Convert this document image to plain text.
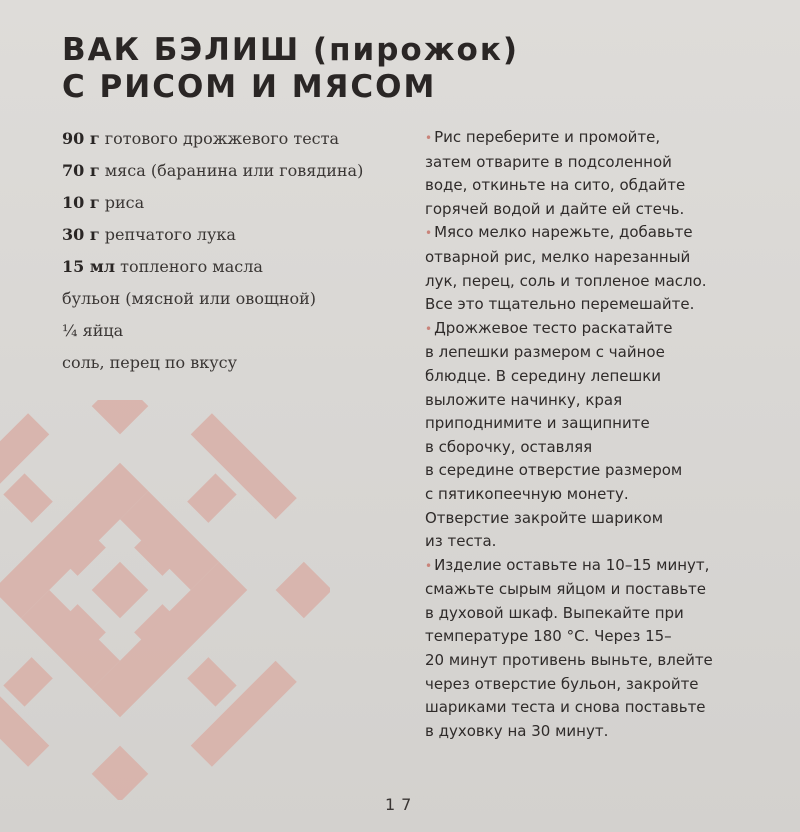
ВАК БЭЛИШ (пирожок)
С РИСОМ И МЯСОМ
90 г готового дрожжевого теста
70 г мяса (баранина или говядина)
10 г риса
30 г репчатого лука
15 мл топленого масла
бульон (мясной или овощной)
¼ яйца
соль, перец по вкусу
• Рис переберите и промойте,
затем отварите в подсоленной
воде, откиньте на сито, обдайте
горячей водой и дайте ей стечь.
• Мясо мелко нарежьте, добавьте
отварной рис, мелко нарезанный
лук, перец, соль и топленое масло.
Все это тщательно перемешайте.
• Дрожжевое тесто раскатайте
в лепешки размером с чайное
блюдце. В середину лепешки
выложите начинку, края
приподнимите и защипните
в сборочку, оставляя
в середине отверстие размером
с пятикопеечную монету.
Отверстие закройте шариком
из теста.
• Изделие оставьте на 10–15 минут,
смажьте сырым яйцом и поставьте
в духовой шкаф. Выпекайте при
температуре 180 °С. Через 15–
20 минут противень выньте, влейте
через отверстие бульон, закройте
шариками теста и снова поставьте
в духовку на 30 минут.
17
